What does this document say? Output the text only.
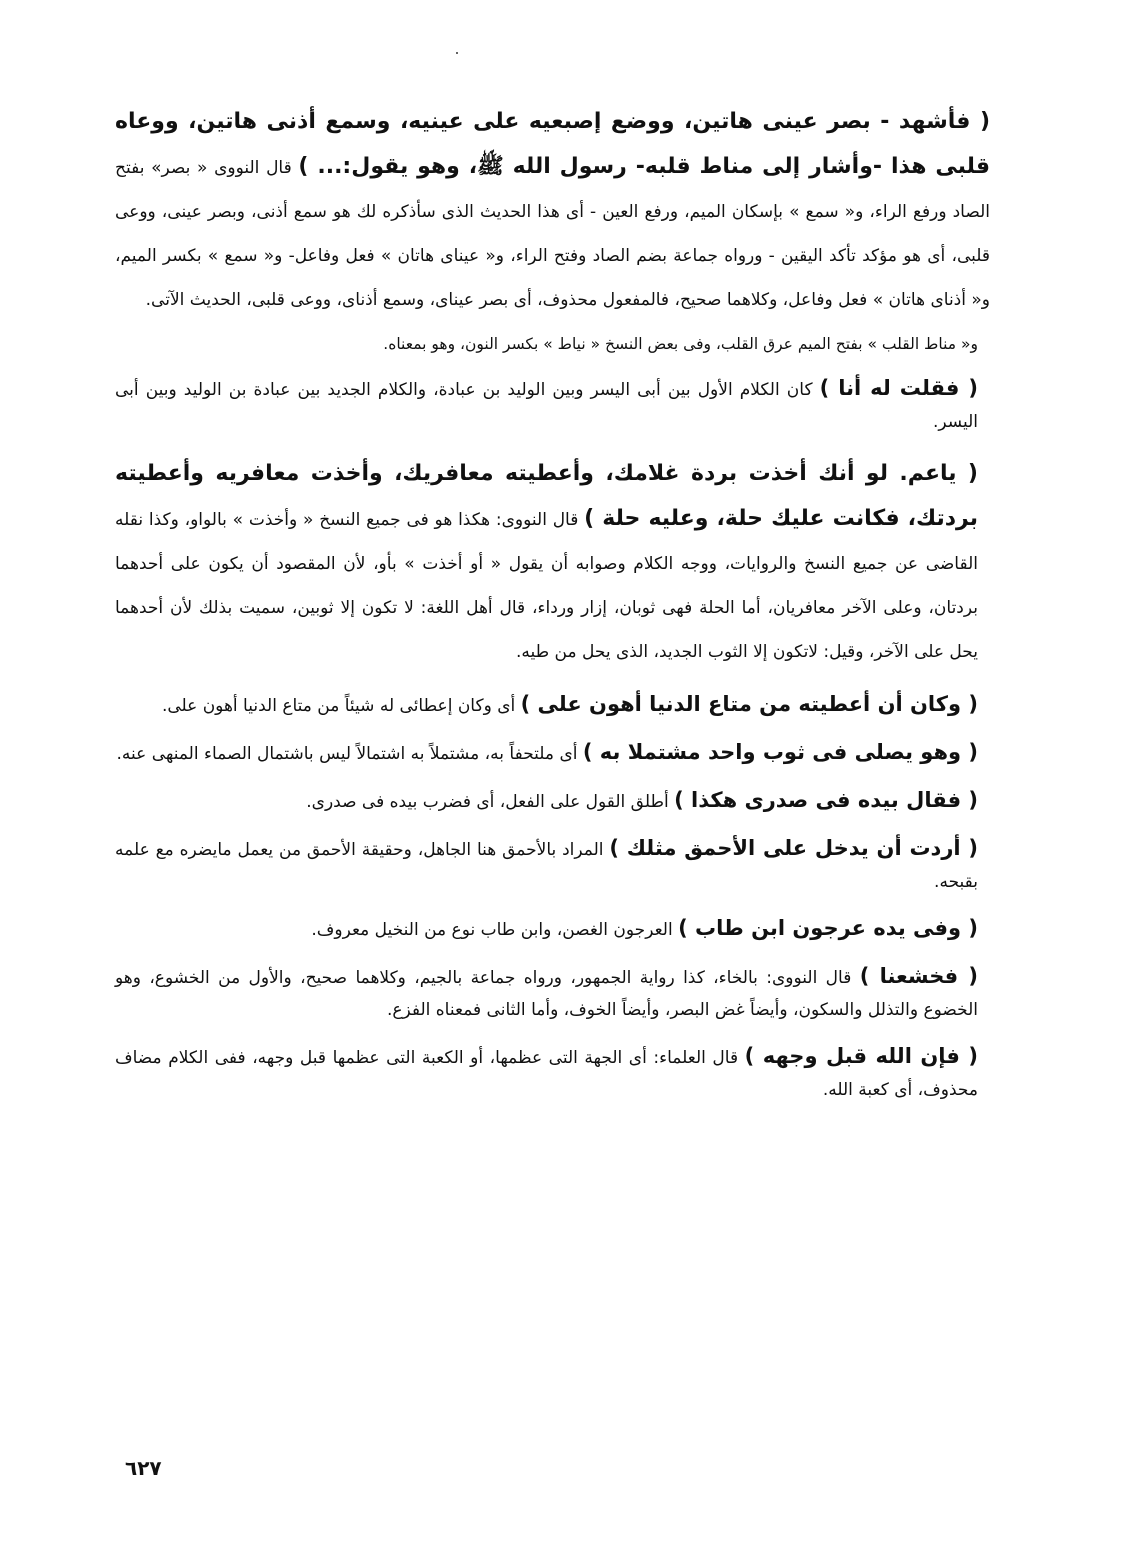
( فأشهد - بصر عينى هاتين، ووضع إصبعيه على عينيه، وسمع أذنى هاتين، ووعاه قلبى هذا -وأشار إلى مناط قلبه- رسول الله ﷺ، وهو يقول:... ) قال النووى « بصر» بفتح الصاد ورفع الراء، و« سمع » بإسكان الميم، ورفع العين - أى هذا الحديث الذى سأذكره لك هو سمع أذنى، وبصر عينى، ووعى قلبى، أى هو مؤكد تأكد اليقين - ورواه جماعة بضم الصاد وفتح الراء، و« عيناى هاتان » فعل وفاعل- و« سمع » بكسر الميم، و« أذناى هاتان » فعل وفاعل، وكلاهما صحيح، فالمفعول محذوف، أى بصر عيناى، وسمع أذناى، ووعى قلبى، الحديث الآتى.

و« مناط القلب » بفتح الميم عرق القلب، وفى بعض النسخ « نياط » بكسر النون، وهو بمعناه.

( فقلت له أنا ) كان الكلام الأول بين أبى اليسر وبين الوليد بن عبادة، والكلام الجديد بين عبادة بن الوليد وبين أبى اليسر.

( ياعم. لو أنك أخذت بردة غلامك، وأعطيته معافريك، وأخذت معافريه وأعطيته بردتك، فكانت عليك حلة، وعليه حلة ) قال النووى: هكذا هو فى جميع النسخ « وأخذت » بالواو، وكذا نقله القاضى عن جميع النسخ والروايات، ووجه الكلام وصوابه أن يقول « أو أخذت » بأو، لأن المقصود أن يكون على أحدهما بردتان، وعلى الآخر معافريان، أما الحلة فهى ثوبان، إزار ورداء، قال أهل اللغة: لا تكون إلا ثوبين، سميت بذلك لأن أحدهما يحل على الآخر، وقيل: لاتكون إلا الثوب الجديد، الذى يحل من طيه.

( وكان أن أعطيته من متاع الدنيا أهون على ) أى وكان إعطائى له شيئاً من متاع الدنيا أهون على.

( وهو يصلى فى ثوب واحد مشتملا به ) أى ملتحفاً به، مشتملاً به اشتمالاً ليس باشتمال الصماء المنهى عنه.

( فقال بيده فى صدرى هكذا ) أطلق القول على الفعل، أى فضرب بيده فى صدرى.

( أردت أن يدخل على الأحمق مثلك ) المراد بالأحمق هنا الجاهل، وحقيقة الأحمق من يعمل مايضره مع علمه بقبحه.

( وفى يده عرجون ابن طاب ) العرجون الغصن، وابن طاب نوع من النخيل معروف.

( فخشعنا ) قال النووى: بالخاء، كذا رواية الجمهور، ورواه جماعة بالجيم، وكلاهما صحيح، والأول من الخشوع، وهو الخضوع والتذلل والسكون، وأيضاً غض البصر، وأيضاً الخوف، وأما الثانى فمعناه الفزع.

( فإن الله قبل وجهه ) قال العلماء: أى الجهة التى عظمها، أو الكعبة التى عظمها قبل وجهه، ففى الكلام مضاف محذوف، أى كعبة الله.

٦٢٧
